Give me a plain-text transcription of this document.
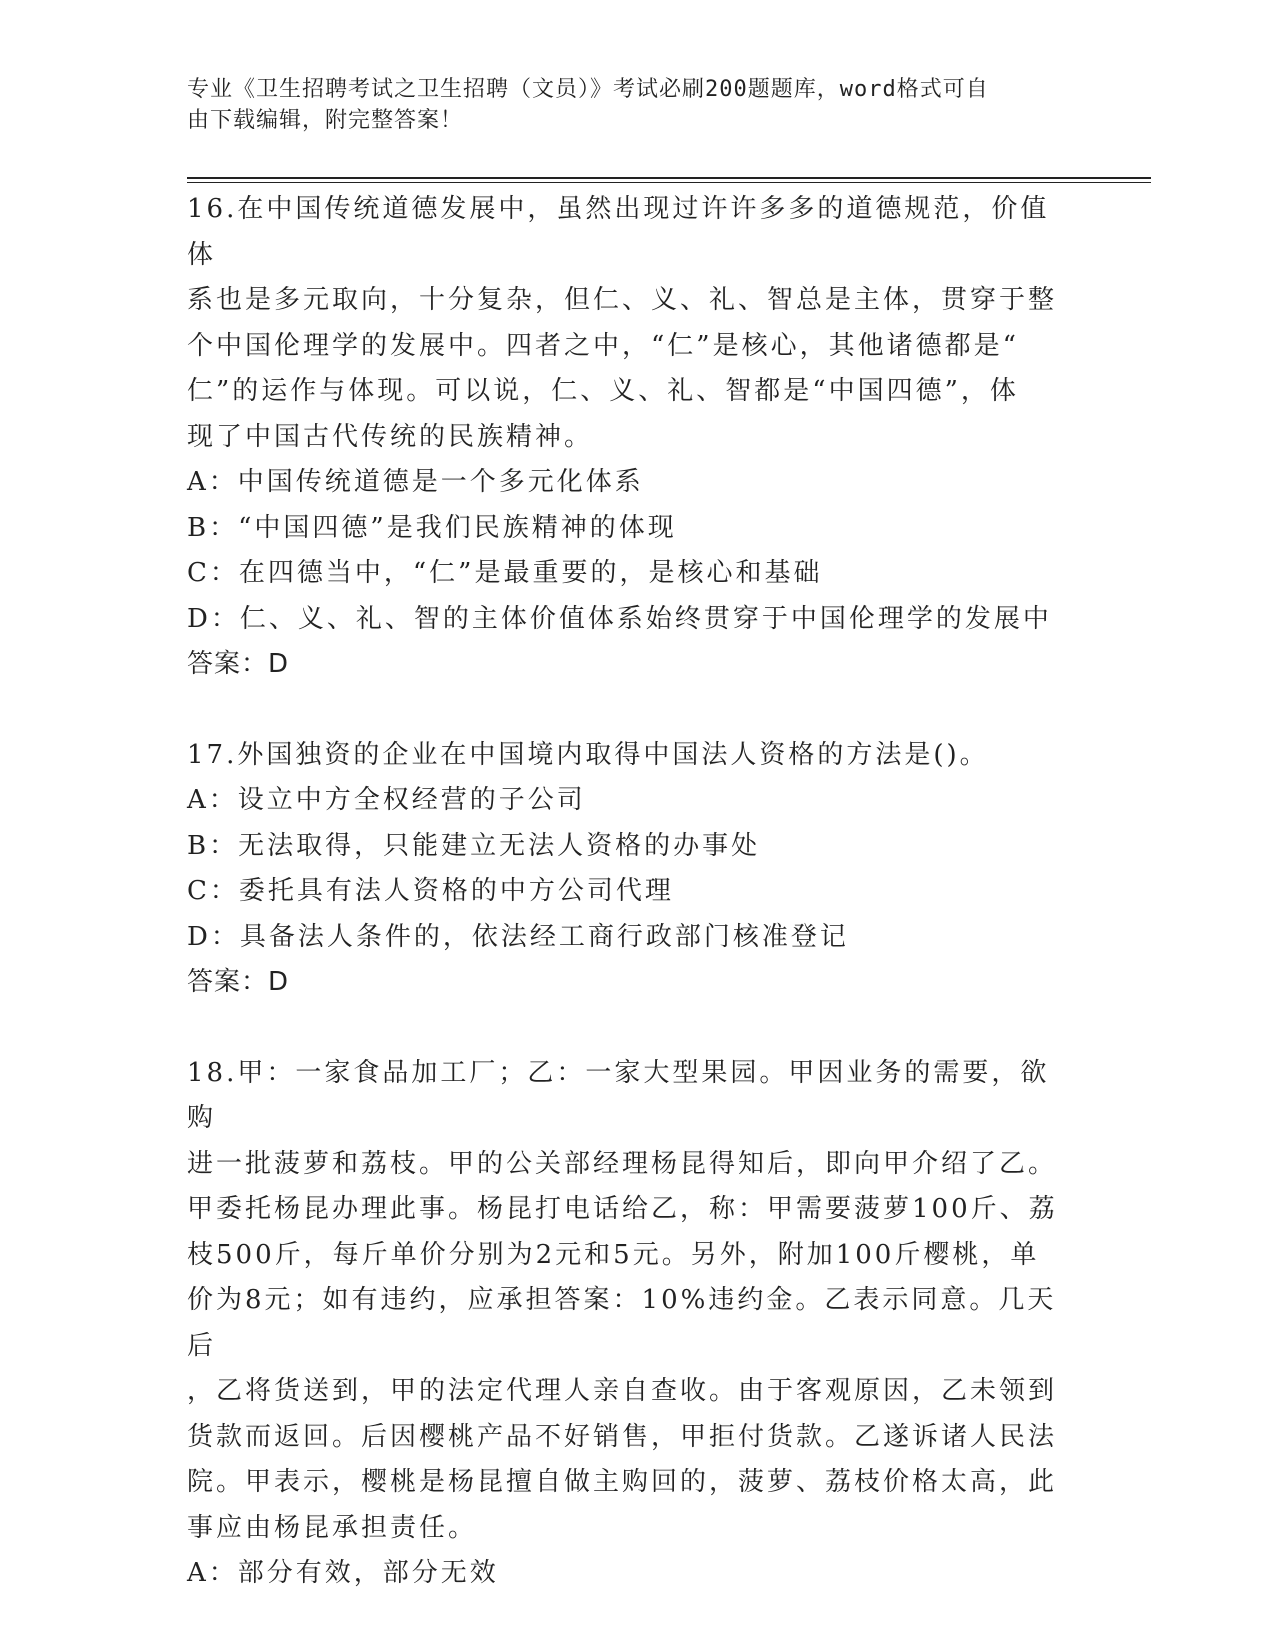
专业《卫生招聘考试之卫生招聘（文员）》考试必刷200题题库，word格式可自
由下载编辑，附完整答案！

16.在中国传统道德发展中，虽然出现过许许多多的道德规范，价值体

系也是多元取向，十分复杂，但仁、义、礼、智总是主体，贯穿于整

个中国伦理学的发展中。四者之中，“仁”是核心，其他诸德都是“

仁”的运作与体现。可以说，仁、义、礼、智都是“中国四德”，体

现了中国古代传统的民族精神。

A：中国传统道德是一个多元化体系

B：“中国四德”是我们民族精神的体现

C：在四德当中，“仁”是最重要的，是核心和基础

D：仁、义、礼、智的主体价值体系始终贯穿于中国伦理学的发展中

答案：D

17.外国独资的企业在中国境内取得中国法人资格的方法是()。

A：设立中方全权经营的子公司

B：无法取得，只能建立无法人资格的办事处

C：委托具有法人资格的中方公司代理

D：具备法人条件的，依法经工商行政部门核准登记

答案：D

18.甲：一家食品加工厂；乙：一家大型果园。甲因业务的需要，欲购

进一批菠萝和荔枝。甲的公关部经理杨昆得知后，即向甲介绍了乙。

甲委托杨昆办理此事。杨昆打电话给乙，称：甲需要菠萝100斤、荔

枝500斤，每斤单价分别为2元和5元。另外，附加100斤樱桃，单

价为8元；如有违约，应承担答案：10%违约金。乙表示同意。几天后

，乙将货送到，甲的法定代理人亲自查收。由于客观原因，乙未领到

货款而返回。后因樱桃产品不好销售，甲拒付货款。乙遂诉诸人民法

院。甲表示，樱桃是杨昆擅自做主购回的，菠萝、荔枝价格太高，此

事应由杨昆承担责任。

A：部分有效，部分无效
